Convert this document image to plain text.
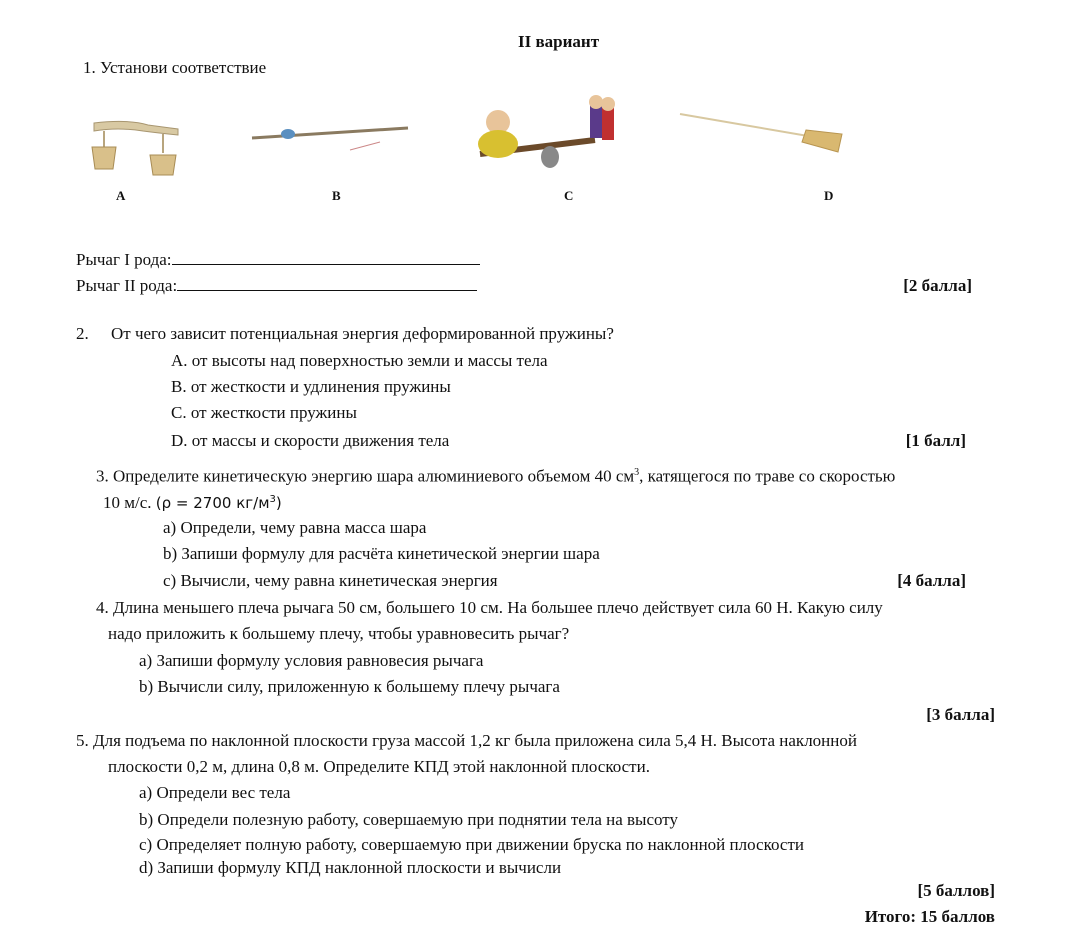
II вариант
1. Установи соответствие
A	B	C	D
Рычаг I рода:
Рычаг II рода:	[2 балла]
2. От чего зависит потенциальная энергия деформированной пружины?
A. от высоты над поверхностью земли и массы тела
B. от жесткости и удлинения пружины
C. от жесткости пружины
D. от массы и скорости движения тела	[1 балл]
3. Определите кинетическую энергию шара алюминиевого объемом 40 $см^3$, катящегося по траве со скоростью
10 м/с. (ρ = 2700 $кг/м^3$)
a) Определи, чему равна масса шара
b) Запиши формулу для расчёта кинетической энергии шара
c) Вычисли, чему равна кинетическая энергия	[4 балла]
4. Длина меньшего плеча рычага 50 см, большего 10 см. На большее плечо действует сила 60 Н. Какую силу
надо приложить к большему плечу, чтобы уравновесить рычаг?
a) Запиши формулу условия равновесия рычага
b) Вычисли силу, приложенную к большему плечу рычага
[3 балла]
5. Для подъема по наклонной плоскости груза массой 1,2 кг была приложена сила 5,4 Н. Высота наклонной
плоскости 0,2 м, длина 0,8 м. Определите КПД этой наклонной плоскости.
a) Определи вес тела
b) Определи полезную работу, совершаемую при поднятии тела на высоту
c) Определяет полную работу, совершаемую при движении бруска по наклонной плоскости
d) Запиши формулу КПД наклонной плоскости и вычисли
[5 баллов]
Итого: 15 баллов
